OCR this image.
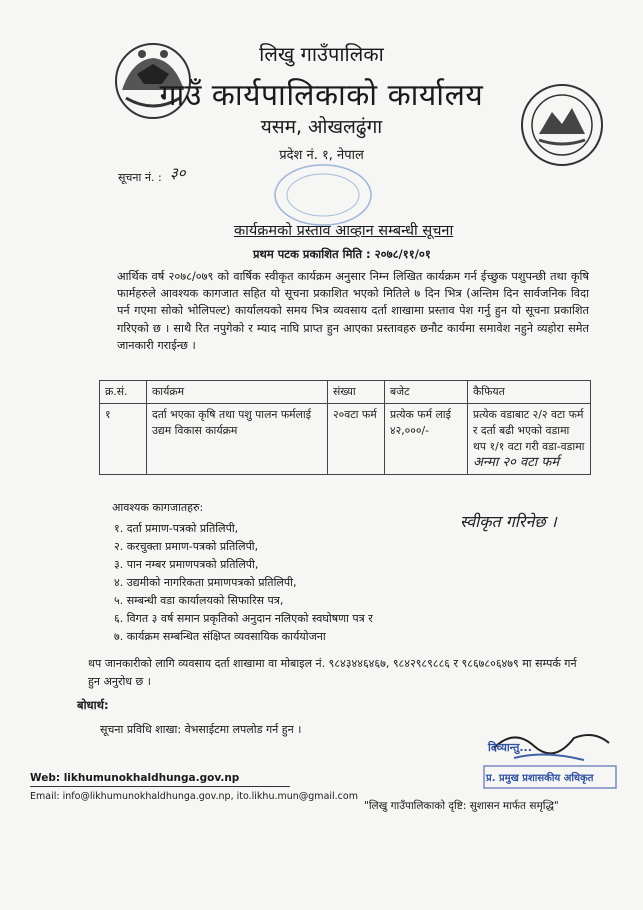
लिखु गाउँपालिका
गाउँ कार्यपालिकाको कार्यालय
यसम, ओखलढुंगा
प्रदेश नं. १, नेपाल
सूचना नं. : ३०
कार्यक्रमको प्रस्ताव आव्हान सम्बन्धी सूचना
प्रथम पटक प्रकाशित मिति : २०७८/११/०१
आर्थिक वर्ष २०७८/०७९ को वार्षिक स्वीकृत कार्यक्रम अनुसार निम्न लिखित कार्यक्रम गर्न ईच्छुक पशुपन्छी तथा कृषि फार्महरुले आवश्यक कागजात सहित यो सूचना प्रकाशित भएको मितिले ७ दिन भित्र (अन्तिम दिन सार्वजनिक विदा पर्न गएमा सोको भोलिपल्ट) कार्यालयको समय भित्र व्यवसाय दर्ता शाखामा प्रस्ताव पेश गर्नु हुन यो सूचना प्रकाशित गरिएको छ । साथै रित नपुगेको र म्याद नाघि प्राप्त हुन आएका प्रस्तावहरु छनौट कार्यमा समावेश नहुने व्यहोरा समेत जानकारी गराईन्छ ।
क्र.सं.	कार्यक्रम	संख्या	बजेट	कैफियत
१	दर्ता भएका कृषि तथा पशु पालन फर्मलाई उद्यम विकास कार्यक्रम	२०वटा फर्म	प्रत्येक फर्म लाई ४२,०००/-	प्रत्येक वडाबाट २/२ वटा फर्म र दर्ता बढी भएको वडामा थप १/१ वटा गरी वडा-वडामा अन्मा २० वटा फर्म
स्वीकृत गरिनेछ ।
आवश्यक कागजातहरु:
१. दर्ता प्रमाण-पत्रको प्रतिलिपी,
२. करचुक्ता प्रमाण-पत्रको प्रतिलिपी,
३. पान नम्बर प्रमाणपत्रको प्रतिलिपी,
४. उद्यमीको नागरिकता प्रमाणपत्रको प्रतिलिपी,
५. सम्बन्धी वडा कार्यालयको सिफारिस पत्र,
६. विगत ३ वर्ष समान प्रकृतिको अनुदान नलिएको स्वघोषणा पत्र र
७. कार्यक्रम सम्बन्धित संक्षिप्त व्यवसायिक कार्ययोजना
थप जानकारीको लागि व्यवसाय दर्ता शाखामा वा मोबाइल नं. ९८४३४४६४६७, ९८४२९८९८८६ र ९८६७८०६४७९ मा सम्पर्क गर्न हुन अनुरोध छ ।
बोधार्थ:
सूचना प्रविधि शाखा: वेभसाईटमा लपलोड गर्न हुन ।
दिव्यान्तु...
प्र. प्रमुख प्रशासकीय अधिकृत
Web: likhumunokhaldhunga.gov.np
Email: info@likhumunokhaldhunga.gov.np, ito.likhu.mun@gmail.com
"लिखु गाउँपालिकाको दृष्टि: सुशासन मार्फत समृद्धि"
